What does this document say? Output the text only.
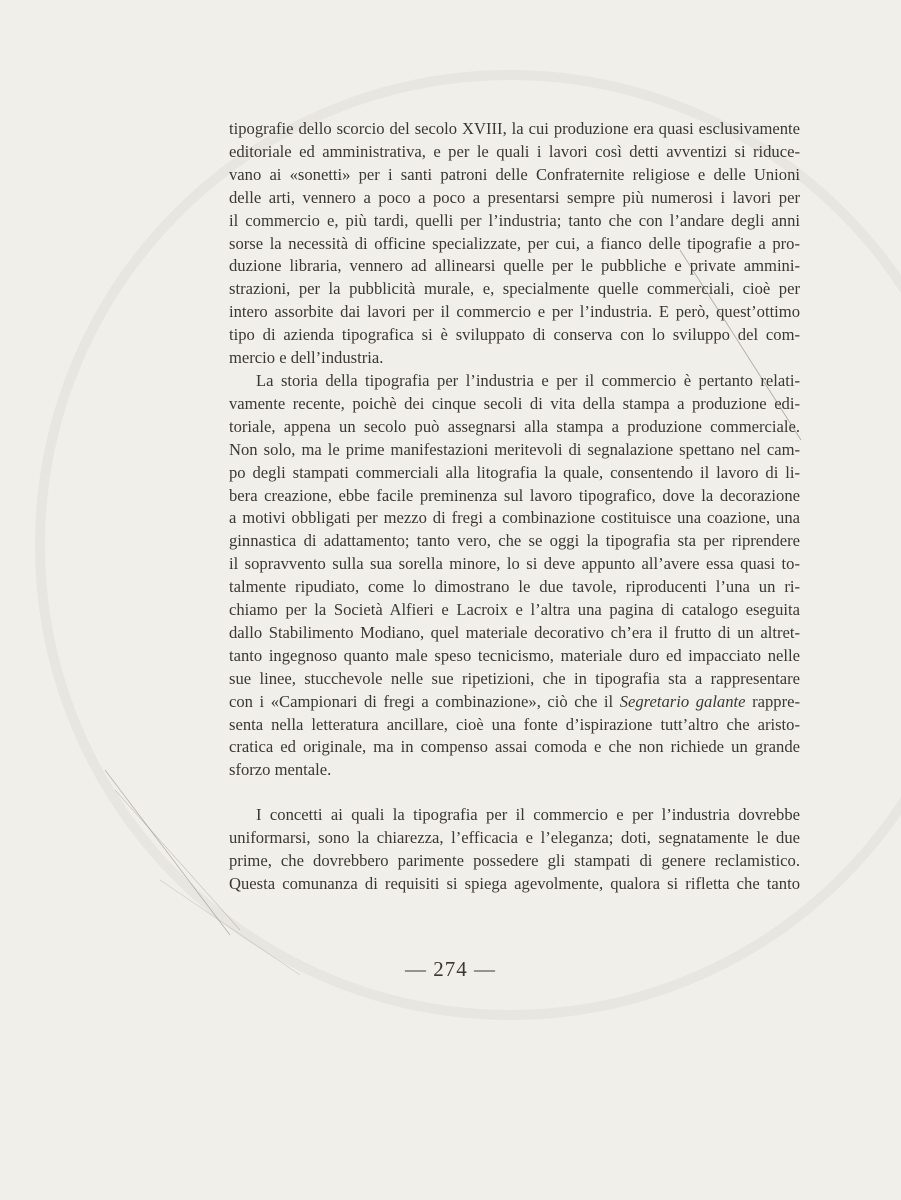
tipografie dello scorcio del secolo XVIII, la cui produzione era quasi esclusivamente
editoriale ed amministrativa, e per le quali i lavori così detti avventizi si riduce-
vano ai «sonetti» per i santi patroni delle Confraternite religiose e delle Unioni
delle arti, vennero a poco a poco a presentarsi sempre più numerosi i lavori per
il commercio e, più tardi, quelli per l’industria; tanto che con l’andare degli anni
sorse la necessità di officine specializzate, per cui, a fianco delle tipografie a pro-
duzione libraria, vennero ad allinearsi quelle per le pubbliche e private ammini-
strazioni, per la pubblicità murale, e, specialmente quelle commerciali, cioè per
intero assorbite dai lavori per il commercio e per l’industria. E però, quest’ottimo
tipo di azienda tipografica si è sviluppato di conserva con lo sviluppo del com-
mercio e dell’industria.

La storia della tipografia per l’industria e per il commercio è pertanto relati-
vamente recente, poichè dei cinque secoli di vita della stampa a produzione edi-
toriale, appena un secolo può assegnarsi alla stampa a produzione commerciale.
Non solo, ma le prime manifestazioni meritevoli di segnalazione spettano nel cam-
po degli stampati commerciali alla litografia la quale, consentendo il lavoro di li-
bera creazione, ebbe facile preminenza sul lavoro tipografico, dove la decorazione
a motivi obbligati per mezzo di fregi a combinazione costituisce una coazione, una
ginnastica di adattamento; tanto vero, che se oggi la tipografia sta per riprendere
il sopravvento sulla sua sorella minore, lo si deve appunto all’avere essa quasi to-
talmente ripudiato, come lo dimostrano le due tavole, riproducenti l’una un ri-
chiamo per la Società Alfieri e Lacroix e l’altra una pagina di catalogo eseguita
dallo Stabilimento Modiano, quel materiale decorativo ch’era il frutto di un altret-
tanto ingegnoso quanto male speso tecnicismo, materiale duro ed impacciato nelle
sue linee, stucchevole nelle sue ripetizioni, che in tipografia sta a rappresentare
con i «Campionari di fregi a combinazione», ciò che il Segretario galante rappre-
senta nella letteratura ancillare, cioè una fonte d’ispirazione tutt’altro che aristo-
cratica ed originale, ma in compenso assai comoda e che non richiede un grande
sforzo mentale.

I concetti ai quali la tipografia per il commercio e per l’industria dovrebbe
uniformarsi, sono la chiarezza, l’efficacia e l’eleganza; doti, segnatamente le due
prime, che dovrebbero parimente possedere gli stampati di genere reclamistico.
Questa comunanza di requisiti si spiega agevolmente, qualora si rifletta che tanto

— 274 —
